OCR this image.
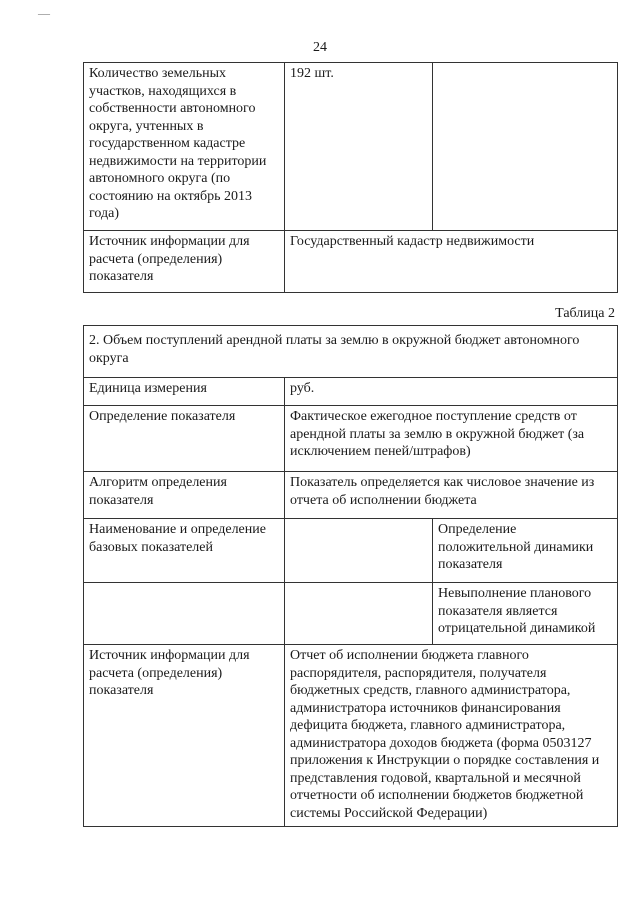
—
24
Количество земельных участков, находящихся в собственности автономного округа, учтенных в государственном кадастре недвижимости на территории автономного округа (по состоянию на октябрь 2013 года)	192 шт.	
Источник информации для расчета (определения) показателя	Государственный кадастр недвижимости	
Таблица 2
2. Объем поступлений арендной платы за землю в окружной бюджет автономного округа		
Единица измерения	руб.	
Определение показателя	Фактическое ежегодное поступление средств от арендной платы за землю в окружной бюджет (за исключением пеней/штрафов)	
Алгоритм определения показателя	Показатель определяется как числовое значение из отчета об исполнении бюджета	
Наименование и определение базовых показателей		Определение положительной динамики показателя
		Невыполнение планового показателя является отрицательной динамикой
Источник информации для расчета (определения) показателя	Отчет об исполнении бюджета главного распорядителя, распорядителя, получателя бюджетных средств, главного администратора, администратора источников финансирования дефицита бюджета, главного администратора, администратора доходов бюджета (форма 0503127 приложения к Инструкции о порядке составления и представления годовой, квартальной и месячной отчетности об исполнении бюджетов бюджетной системы Российской Федерации)	
